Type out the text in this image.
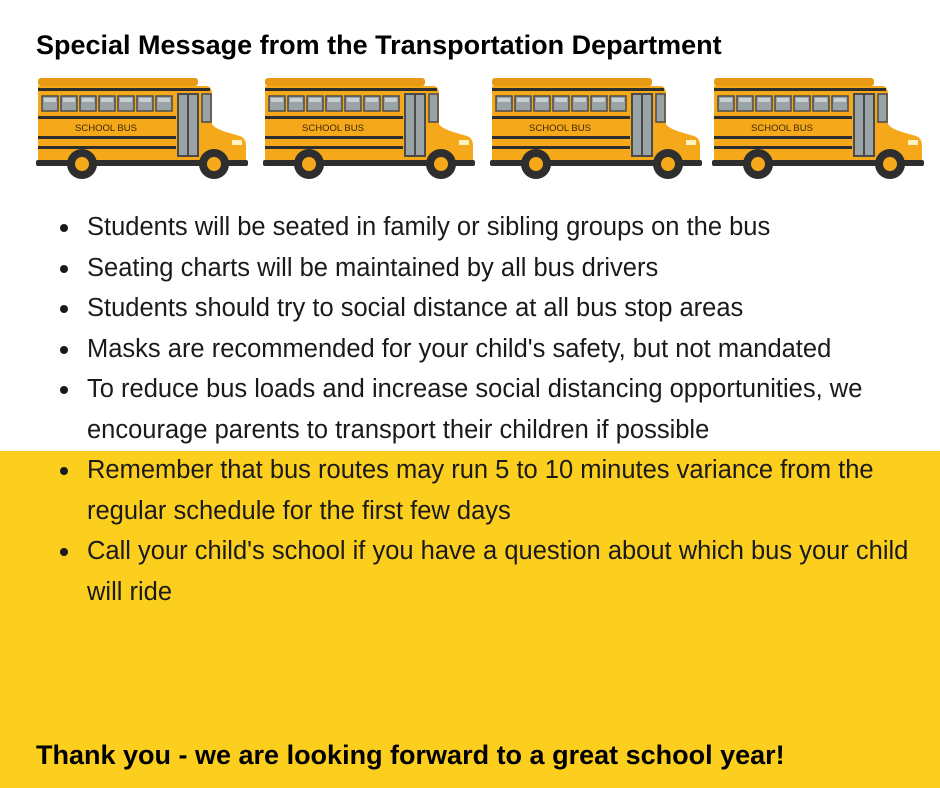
Special Message from the Transportation Department
SCHOOL BUS	SCHOOL BUS	SCHOOL BUS	SCHOOL BUS
Students will be seated in family or sibling groups on the bus
Seating charts will be maintained by all bus drivers
Students should try to social distance at all bus stop areas
Masks are recommended for your child's safety, but not mandated
To reduce bus loads and increase social distancing opportunities, we encourage parents to transport their children if possible
Remember that bus routes may run 5 to 10 minutes variance from the regular schedule for the first few days
Call your child's school if you have a question about which bus your child will ride

Thank you - we are looking forward to a great school year!
